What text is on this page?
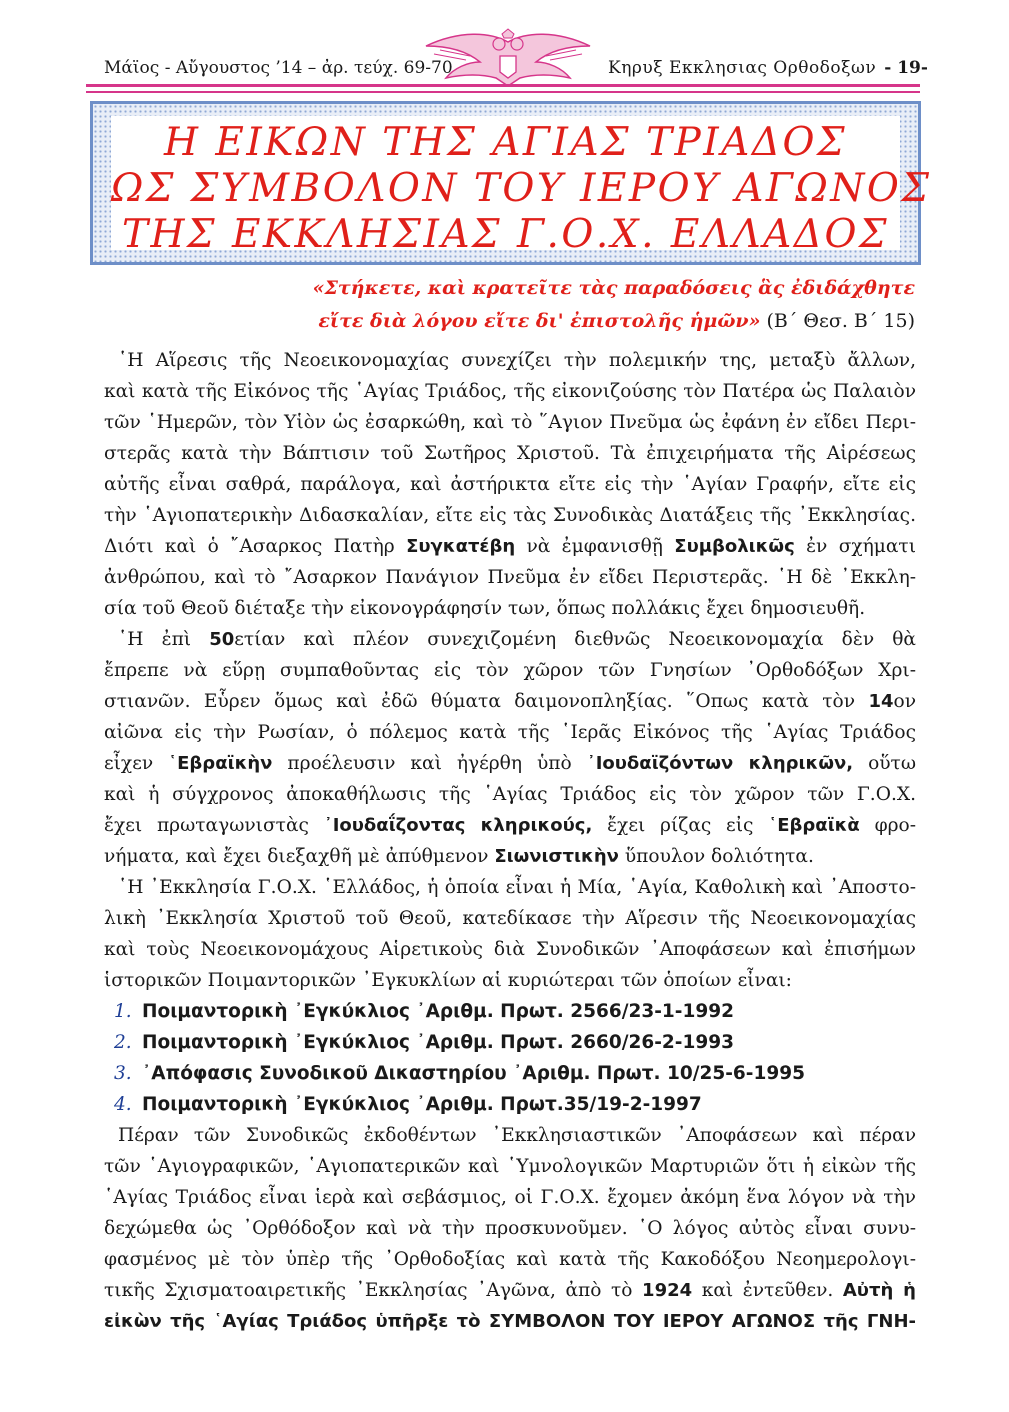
Μάϊος - Αὔγουστος ’14 – ἀρ. τεύχ. 69-70	Κηρυξ Εκκλησιας Ορθοδοξων - 19-
Η ΕΙΚΩΝ ΤΗΣ ΑΓΙΑΣ ΤΡΙΑΔΟΣ
ΩΣ ΣΥΜΒΟΛΟΝ ΤΟΥ ΙΕΡΟΥ ΑΓΩΝΟΣ
ΤΗΣ ΕΚΚΛΗΣΙΑΣ Γ.Ο.Χ. ΕΛΛΑΔΟΣ
«Στήκετε, καὶ κρατεῖτε τὰς παραδόσεις ἃς ἐδιδάχθητε
εἴτε διὰ λόγου εἴτε δι' ἐπιστολῆς ἡμῶν» (Β΄ Θεσ. Β΄ 15)
῾Η Αἵρεσις τῆς Νεοεικονομαχίας συνεχίζει τὴν πολεμικήν της, μεταξὺ ἄλλων,
καὶ κατὰ τῆς Εἰκόνος τῆς ῾Αγίας Τριάδος, τῆς εἰκονιζούσης τὸν Πατέρα ὡς Παλαιὸν
τῶν ῾Ημερῶν, τὸν Υἱὸν ὡς ἐσαρκώθη, καὶ τὸ ῞Αγιον Πνεῦμα ὡς ἐφάνη ἐν εἴδει Περι-
στερᾶς κατὰ τὴν Βάπτισιν τοῦ Σωτῆρος Χριστοῦ. Τὰ ἐπιχειρήματα τῆς Αἱρέσεως
αὐτῆς εἶναι σαθρά, παράλογα, καὶ ἀστήρικτα εἴτε εἰς τὴν ῾Αγίαν Γραφήν, εἴτε εἰς
τὴν ῾Αγιοπατερικὴν Διδασκαλίαν, εἴτε εἰς τὰς Συνοδικὰς Διατάξεις τῆς ᾿Εκκλησίας.
Διότι καὶ ὁ ῎Ασαρκος Πατὴρ Συγκατέβη νὰ ἐμφανισθῇ Συμβολικῶς ἐν σχήματι
ἀνθρώπου, καὶ τὸ ῎Ασαρκον Πανάγιον Πνεῦμα ἐν εἴδει Περιστερᾶς. ῾Η δὲ ᾿Εκκλη-
σία τοῦ Θεοῦ διέταξε τὴν εἰκονογράφησίν των, ὅπως πολλάκις ἔχει δημοσιευθῆ.
῾Η ἐπὶ 50ετίαν καὶ πλέον συνεχιζομένη διεθνῶς Νεοεικονομαχία δὲν θὰ
ἔπρεπε νὰ εὕρῃ συμπαθοῦντας εἰς τὸν χῶρον τῶν Γνησίων ᾿Ορθοδόξων Χρι-
στιανῶν. Εὗρεν ὅμως καὶ ἐδῶ θύματα δαιμονοπληξίας. ῞Οπως κατὰ τὸν 14ον
αἰῶνα εἰς τὴν Ρωσίαν, ὁ πόλεμος κατὰ τῆς ῾Ιερᾶς Εἰκόνος τῆς ῾Αγίας Τριάδος
εἶχεν ῾Εβραϊκὴν προέλευσιν καὶ ἠγέρθη ὑπὸ ᾿Ιουδαϊζόντων κληρικῶν, οὕτω
καὶ ἡ σύγχρονος ἀποκαθήλωσις τῆς ῾Αγίας Τριάδος εἰς τὸν χῶρον τῶν Γ.Ο.Χ.
ἔχει πρωταγωνιστὰς ᾿Ιουδαΐζοντας κληρικούς, ἔχει ρίζας εἰς ῾Εβραϊκὰ φρο-
νήματα, καὶ ἔχει διεξαχθῆ μὲ ἀπύθμενον Σιωνιστικὴν ὕπουλον δολιότητα.
῾Η ᾿Εκκλησία Γ.Ο.Χ. ῾Ελλάδος, ἡ ὁποία εἶναι ἡ Μία, ῾Αγία, Καθολικὴ καὶ ᾿Αποστο-
λικὴ ᾿Εκκλησία Χριστοῦ τοῦ Θεοῦ, κατεδίκασε τὴν Αἵρεσιν τῆς Νεοεικονομαχίας
καὶ τοὺς Νεοεικονομάχους Αἱρετικοὺς διὰ Συνοδικῶν ᾿Αποφάσεων καὶ ἐπισήμων
ἱστορικῶν Ποιμαντορικῶν ᾿Εγκυκλίων αἱ κυριώτεραι τῶν ὁποίων εἶναι:
1. Ποιμαντορικὴ ᾿Εγκύκλιος ᾿Αριθμ. Πρωτ. 2566/23-1-1992
2. Ποιμαντορικὴ ᾿Εγκύκλιος ᾿Αριθμ. Πρωτ. 2660/26-2-1993
3. ᾿Απόφασις Συνοδικοῦ Δικαστηρίου ᾿Αριθμ. Πρωτ. 10/25-6-1995
4. Ποιμαντορικὴ ᾿Εγκύκλιος ᾿Αριθμ. Πρωτ.35/19-2-1997
Πέραν τῶν Συνοδικῶς ἐκδοθέντων ᾿Εκκλησιαστικῶν ᾿Αποφάσεων καὶ πέραν
τῶν ῾Αγιογραφικῶν, ῾Αγιοπατερικῶν καὶ ῾Υμνολογικῶν Μαρτυριῶν ὅτι ἡ εἰκὼν τῆς
῾Αγίας Τριάδος εἶναι ἱερὰ καὶ σεβάσμιος, οἱ Γ.Ο.Χ. ἔχομεν ἀκόμη ἕνα λόγον νὰ τὴν
δεχώμεθα ὡς ᾿Ορθόδοξον καὶ νὰ τὴν προσκυνοῦμεν. ῾Ο λόγος αὐτὸς εἶναι συνυ-
φασμένος μὲ τὸν ὑπὲρ τῆς ᾿Ορθοδοξίας καὶ κατὰ τῆς Κακοδόξου Νεοημερολογι-
τικῆς Σχισματοαιρετικῆς ᾿Εκκλησίας ᾿Αγῶνα, ἀπὸ τὸ 1924 καὶ ἐντεῦθεν. Αὐτὴ ἡ
εἰκὼν τῆς ῾Αγίας Τριάδος ὑπῆρξε τὸ ΣΥΜΒΟΛΟΝ ΤΟΥ ΙΕΡΟΥ ΑΓΩΝΟΣ τῆς ΓΝΗ-
